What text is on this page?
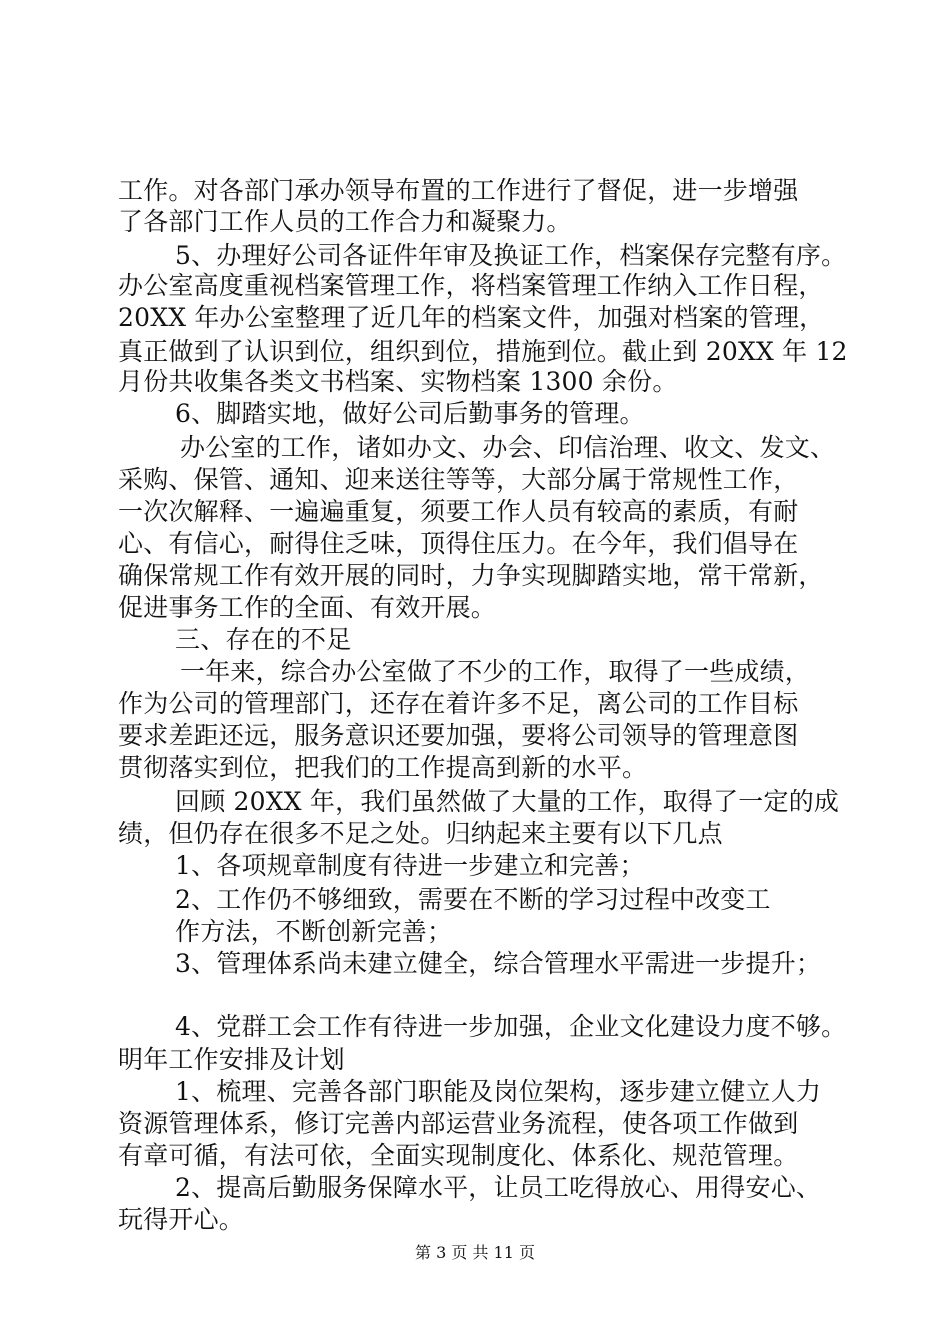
工作。对各部门承办领导布置的工作进行了督促，进一步增强
了各部门工作人员的工作合力和凝聚力。
5、办理好公司各证件年审及换证工作，档案保存完整有序。
办公室高度重视档案管理工作，将档案管理工作纳入工作日程，
20XX 年办公室整理了近几年的档案文件，加强对档案的管理，
真正做到了认识到位，组织到位，措施到位。截止到 20XX 年 12
月份共收集各类文书档案、实物档案 1300 余份。
6、脚踏实地，做好公司后勤事务的管理。
办公室的工作，诸如办文、办会、印信治理、收文、发文、
采购、保管、通知、迎来送往等等，大部分属于常规性工作，
一次次解释、一遍遍重复，须要工作人员有较高的素质，有耐
心、有信心，耐得住乏味，顶得住压力。在今年，我们倡导在
确保常规工作有效开展的同时，力争实现脚踏实地，常干常新，
促进事务工作的全面、有效开展。
三、存在的不足
一年来，综合办公室做了不少的工作，取得了一些成绩，
作为公司的管理部门，还存在着许多不足，离公司的工作目标
要求差距还远，服务意识还要加强，要将公司领导的管理意图
贯彻落实到位，把我们的工作提高到新的水平。
回顾 20XX 年，我们虽然做了大量的工作，取得了一定的成
绩，但仍存在很多不足之处。归纳起来主要有以下几点
1、各项规章制度有待进一步建立和完善；
2、工作仍不够细致，需要在不断的学习过程中改变工
作方法，不断创新完善；
3、管理体系尚未建立健全，综合管理水平需进一步提升；
4、党群工会工作有待进一步加强，企业文化建设力度不够。
明年工作安排及计划
1、梳理、完善各部门职能及岗位架构，逐步建立健立人力
资源管理体系，修订完善内部运营业务流程，使各项工作做到
有章可循，有法可依，全面实现制度化、体系化、规范管理。
2、提高后勤服务保障水平，让员工吃得放心、用得安心、
玩得开心。
第 3 页 共 11 页
